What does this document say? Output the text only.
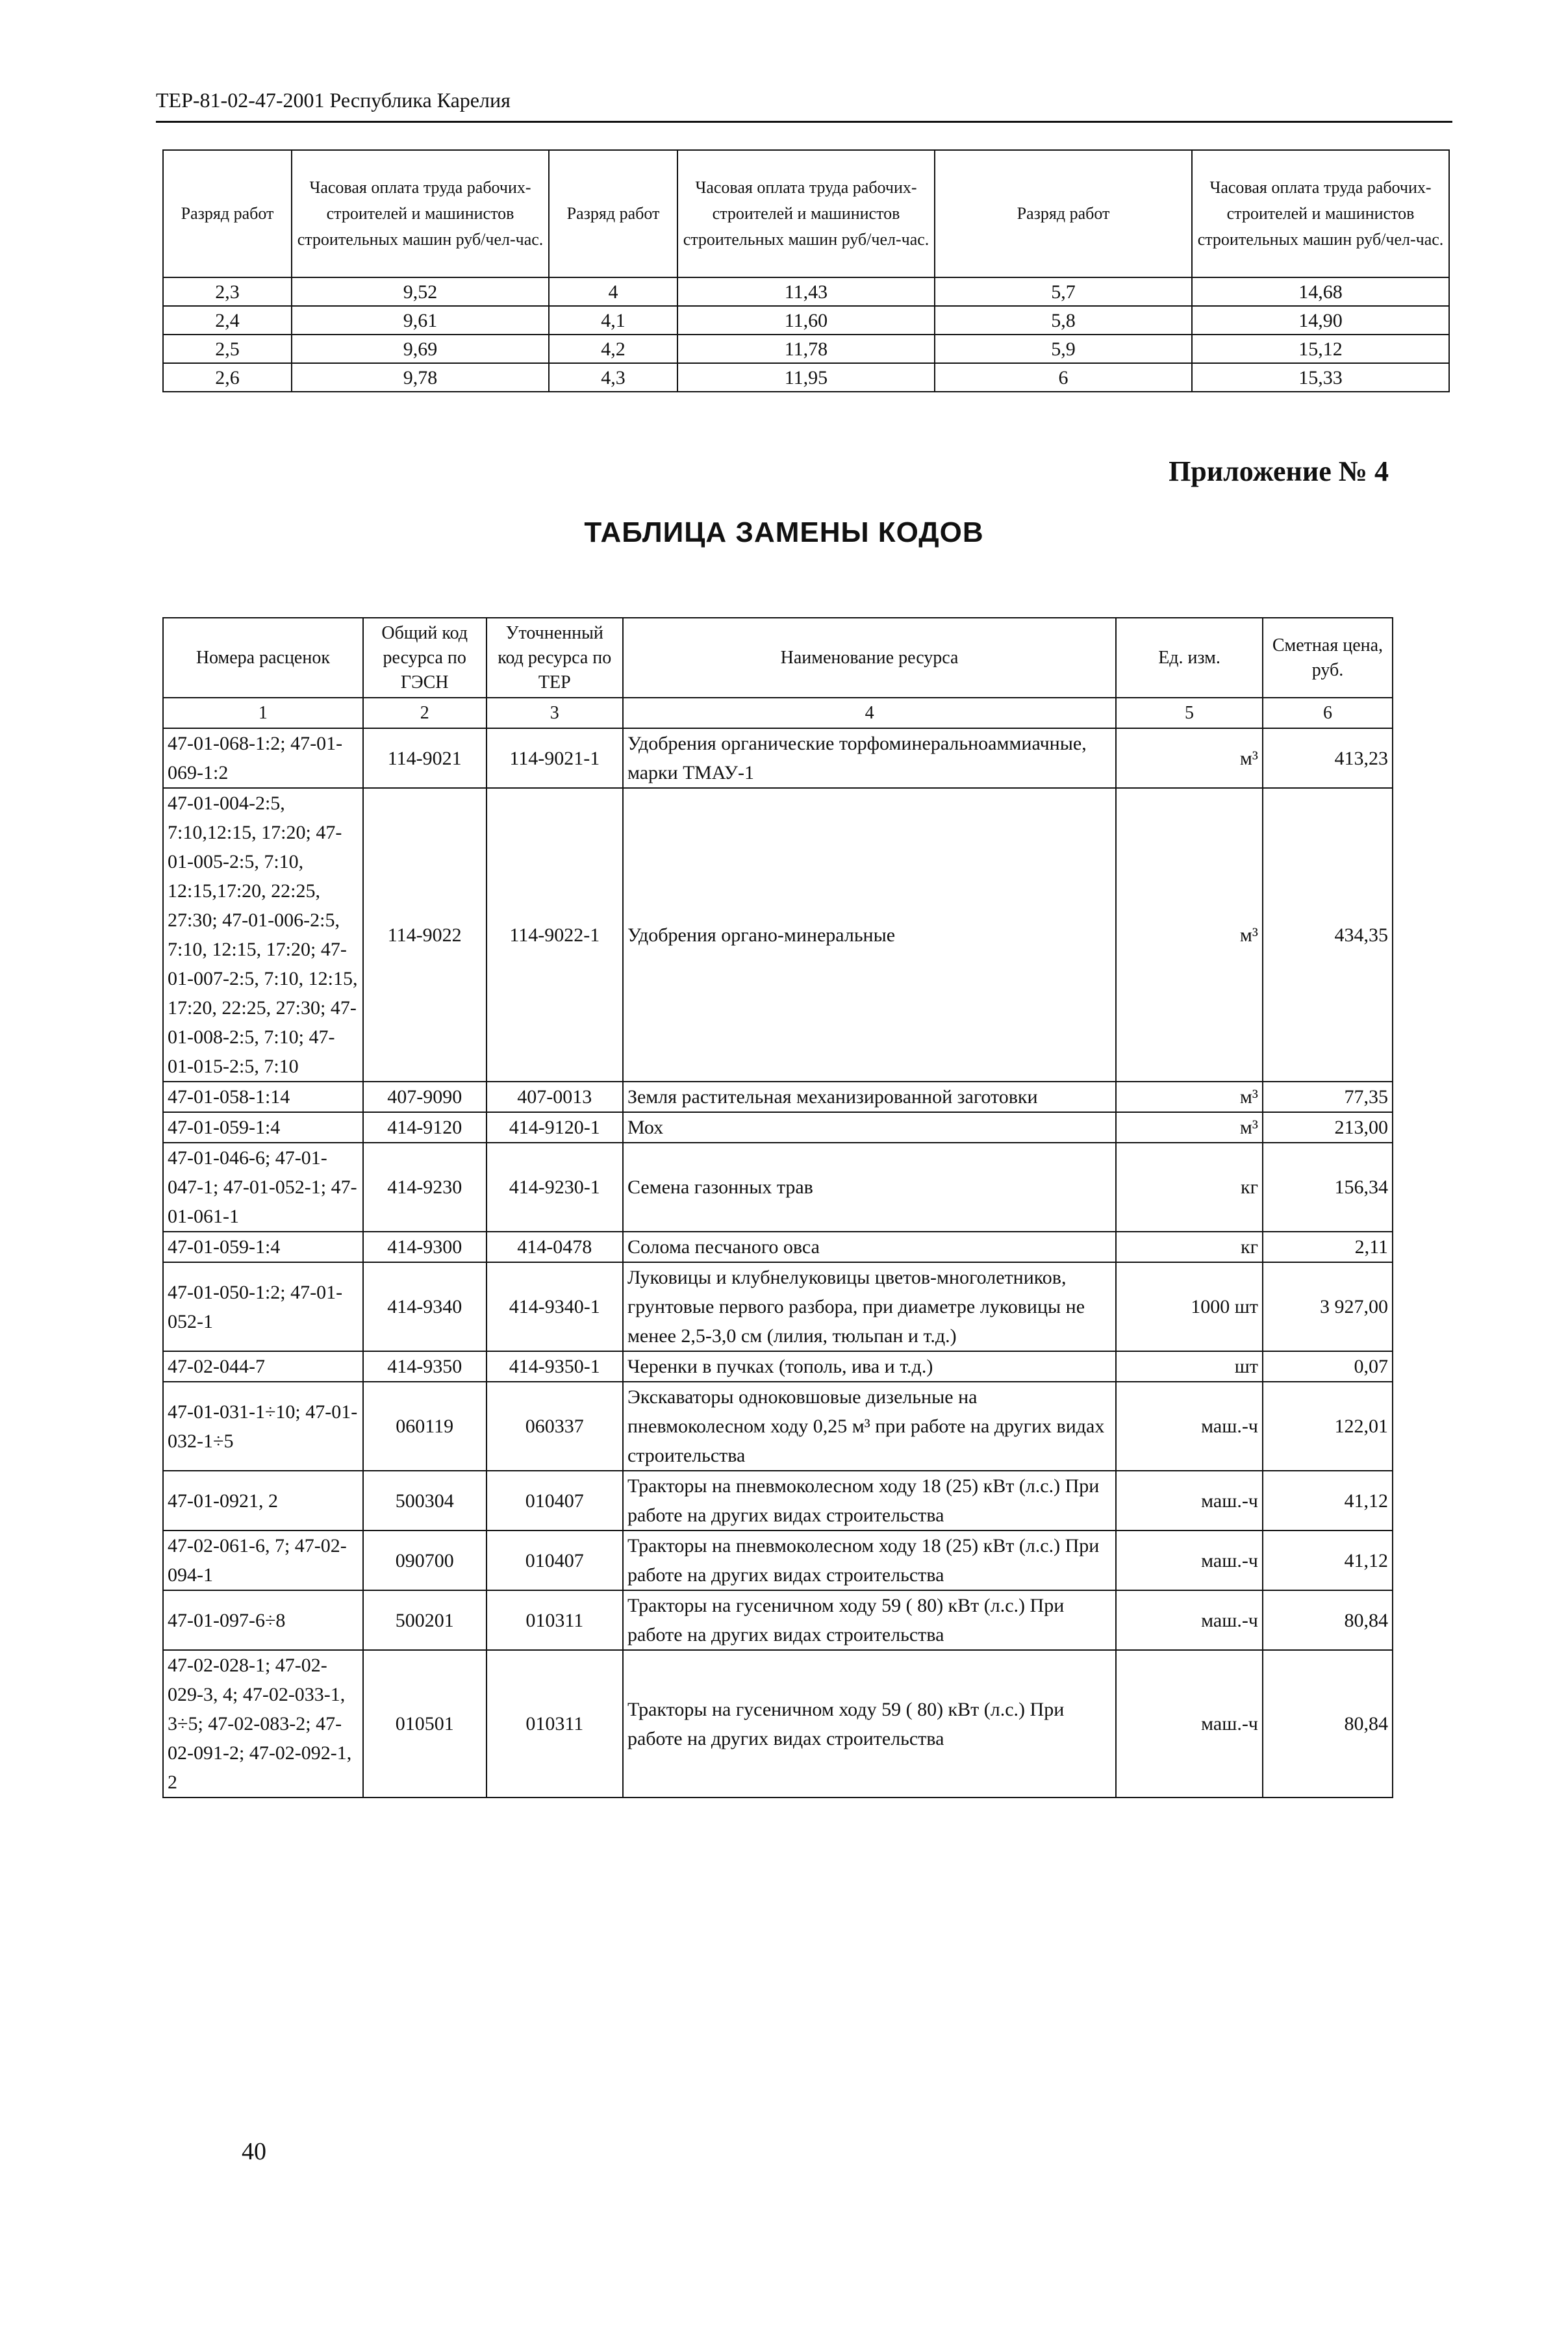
ТЕР-81-02-47-2001 Республика Карелия
Разряд работ	Часовая оплата труда рабочих-строителей и машинистов строительных машин руб/чел-час.	Разряд работ	Часовая оплата труда рабочих-строителей и машинистов строительных машин руб/чел-час.	Разряд работ	Часовая оплата труда рабочих-строителей и машинистов строительных машин руб/чел-час.
2,3	9,52	4	11,43	5,7	14,68
2,4	9,61	4,1	11,60	5,8	14,90
2,5	9,69	4,2	11,78	5,9	15,12
2,6	9,78	4,3	11,95	6	15,33
Приложение № 4
ТАБЛИЦА ЗАМЕНЫ КОДОВ
Номера расценок	Общий код ресурса по ГЭСН	Уточненный код ресурса по ТЕР	Наименование ресурса	Ед. изм.	Сметная цена, руб.
1	2	3	4	5	6
47-01-068-1:2; 47-01-069-1:2	114-9021	114-9021-1	Удобрения органические торфоминеральноаммиачные, марки ТМАУ-1	м³	413,23
47-01-004-2:5, 7:10,12:15, 17:20; 47-01-005-2:5, 7:10, 12:15,17:20, 22:25, 27:30; 47-01-006-2:5, 7:10, 12:15, 17:20; 47-01-007-2:5, 7:10, 12:15, 17:20, 22:25, 27:30; 47-01-008-2:5, 7:10; 47-01-015-2:5, 7:10	114-9022	114-9022-1	Удобрения органо-минеральные	м³	434,35
47-01-058-1:14	407-9090	407-0013	Земля растительная механизированной заготовки	м³	77,35
47-01-059-1:4	414-9120	414-9120-1	Мох	м³	213,00
47-01-046-6; 47-01-047-1; 47-01-052-1; 47-01-061-1	414-9230	414-9230-1	Семена газонных трав	кг	156,34
47-01-059-1:4	414-9300	414-0478	Солома песчаного овса	кг	2,11
47-01-050-1:2; 47-01-052-1	414-9340	414-9340-1	Луковицы и клубнелуковицы цветов-многолетников, грунтовые первого разбора, при диаметре луковицы не менее 2,5-3,0 см (лилия, тюльпан и т.д.)	1000 шт	3 927,00
47-02-044-7	414-9350	414-9350-1	Черенки в пучках (тополь, ива и т.д.)	шт	0,07
47-01-031-1÷10; 47-01-032-1÷5	060119	060337	Экскаваторы одноковшовые дизельные на пневмоколесном ходу 0,25 м³ при работе на других видах строительства	маш.-ч	122,01
47-01-0921, 2	500304	010407	Тракторы на пневмоколесном ходу 18 (25) кВт (л.с.) При работе на других видах строительства	маш.-ч	41,12
47-02-061-6, 7; 47-02-094-1	090700	010407	Тракторы на пневмоколесном ходу 18 (25) кВт (л.с.) При работе на других видах строительства	маш.-ч	41,12
47-01-097-6÷8	500201	010311	Тракторы на гусеничном ходу 59 ( 80) кВт (л.с.) При работе на других видах строительства	маш.-ч	80,84
47-02-028-1; 47-02-029-3, 4; 47-02-033-1, 3÷5; 47-02-083-2; 47-02-091-2; 47-02-092-1, 2	010501	010311	Тракторы на гусеничном ходу 59 ( 80) кВт (л.с.) При работе на других видах строительства	маш.-ч	80,84
40
